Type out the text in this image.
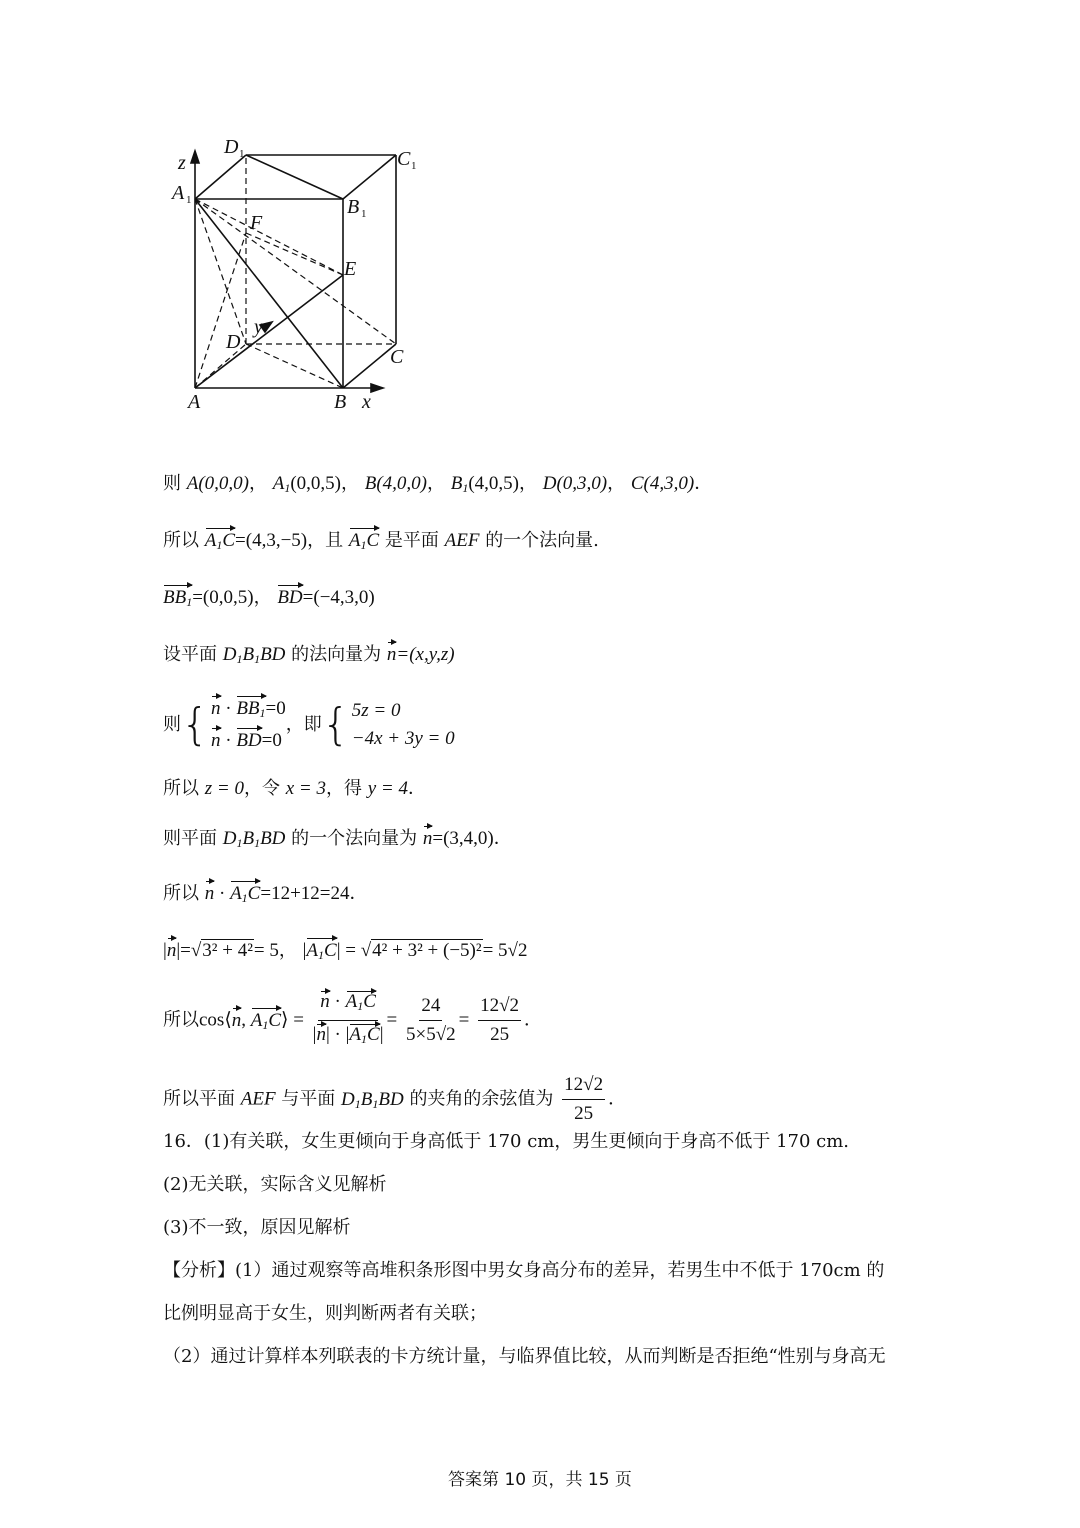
z
y
x
A	B
C
D
A 1	B 1
C 1
D 1
E
F
则 A(0,0,0)， $A_1(0,0,5)$， B(4,0,0)， $B_1(4,0,5)$， D(0,3,0)， C(4,3,0)．
所以 $A_1C=(4,3,-5)$，且 $A_1C$ 是平面 AEF 的一个法向量.
$BB_1=(0,0,5)$， BD=(−4,3,0)
设平面 $D_1B_1BD$ 的法向量为 n=(x,y,z)
则 { $n \cdot BB_1=0$
n · BD=0
，即 { 5z = 0
−4x + 3y = 0
所以 z = 0，令 x = 3，得 y = 4．
则平面 $D_1B_1BD$ 的一个法向量为 n=(3,4,0)．
所以 $n \cdot A_1C=12+12=24$．
|n|=√3² + 4²= 5， $|A_1C| = √4^2 + 3^2 + (-5)^2= 5√2$
所以cos⟨n, $A_1C⟩ = \frac{n \cdot A_1C}{|n| \cdot |A_1C|} = \frac{24}{5\times 5√2} = \frac{12√2}{25}$ ．
所以平面 AEF 与平面 $D_1B_1BD$ 的夹角的余弦值为 $\frac{12√2}{25}$ ．
16．(1)有关联，女生更倾向于身高低于 170 cm，男生更倾向于身高不低于 170 cm.
(2)无关联，实际含义见解析
(3)不一致，原因见解析
【分析】(1）通过观察等高堆积条形图中男女身高分布的差异，若男生中不低于 170cm 的
比例明显高于女生，则判断两者有关联；
（2）通过计算样本列联表的卡方统计量，与临界值比较，从而判断是否拒绝“性别与身高无
答案第 10 页，共 15 页
